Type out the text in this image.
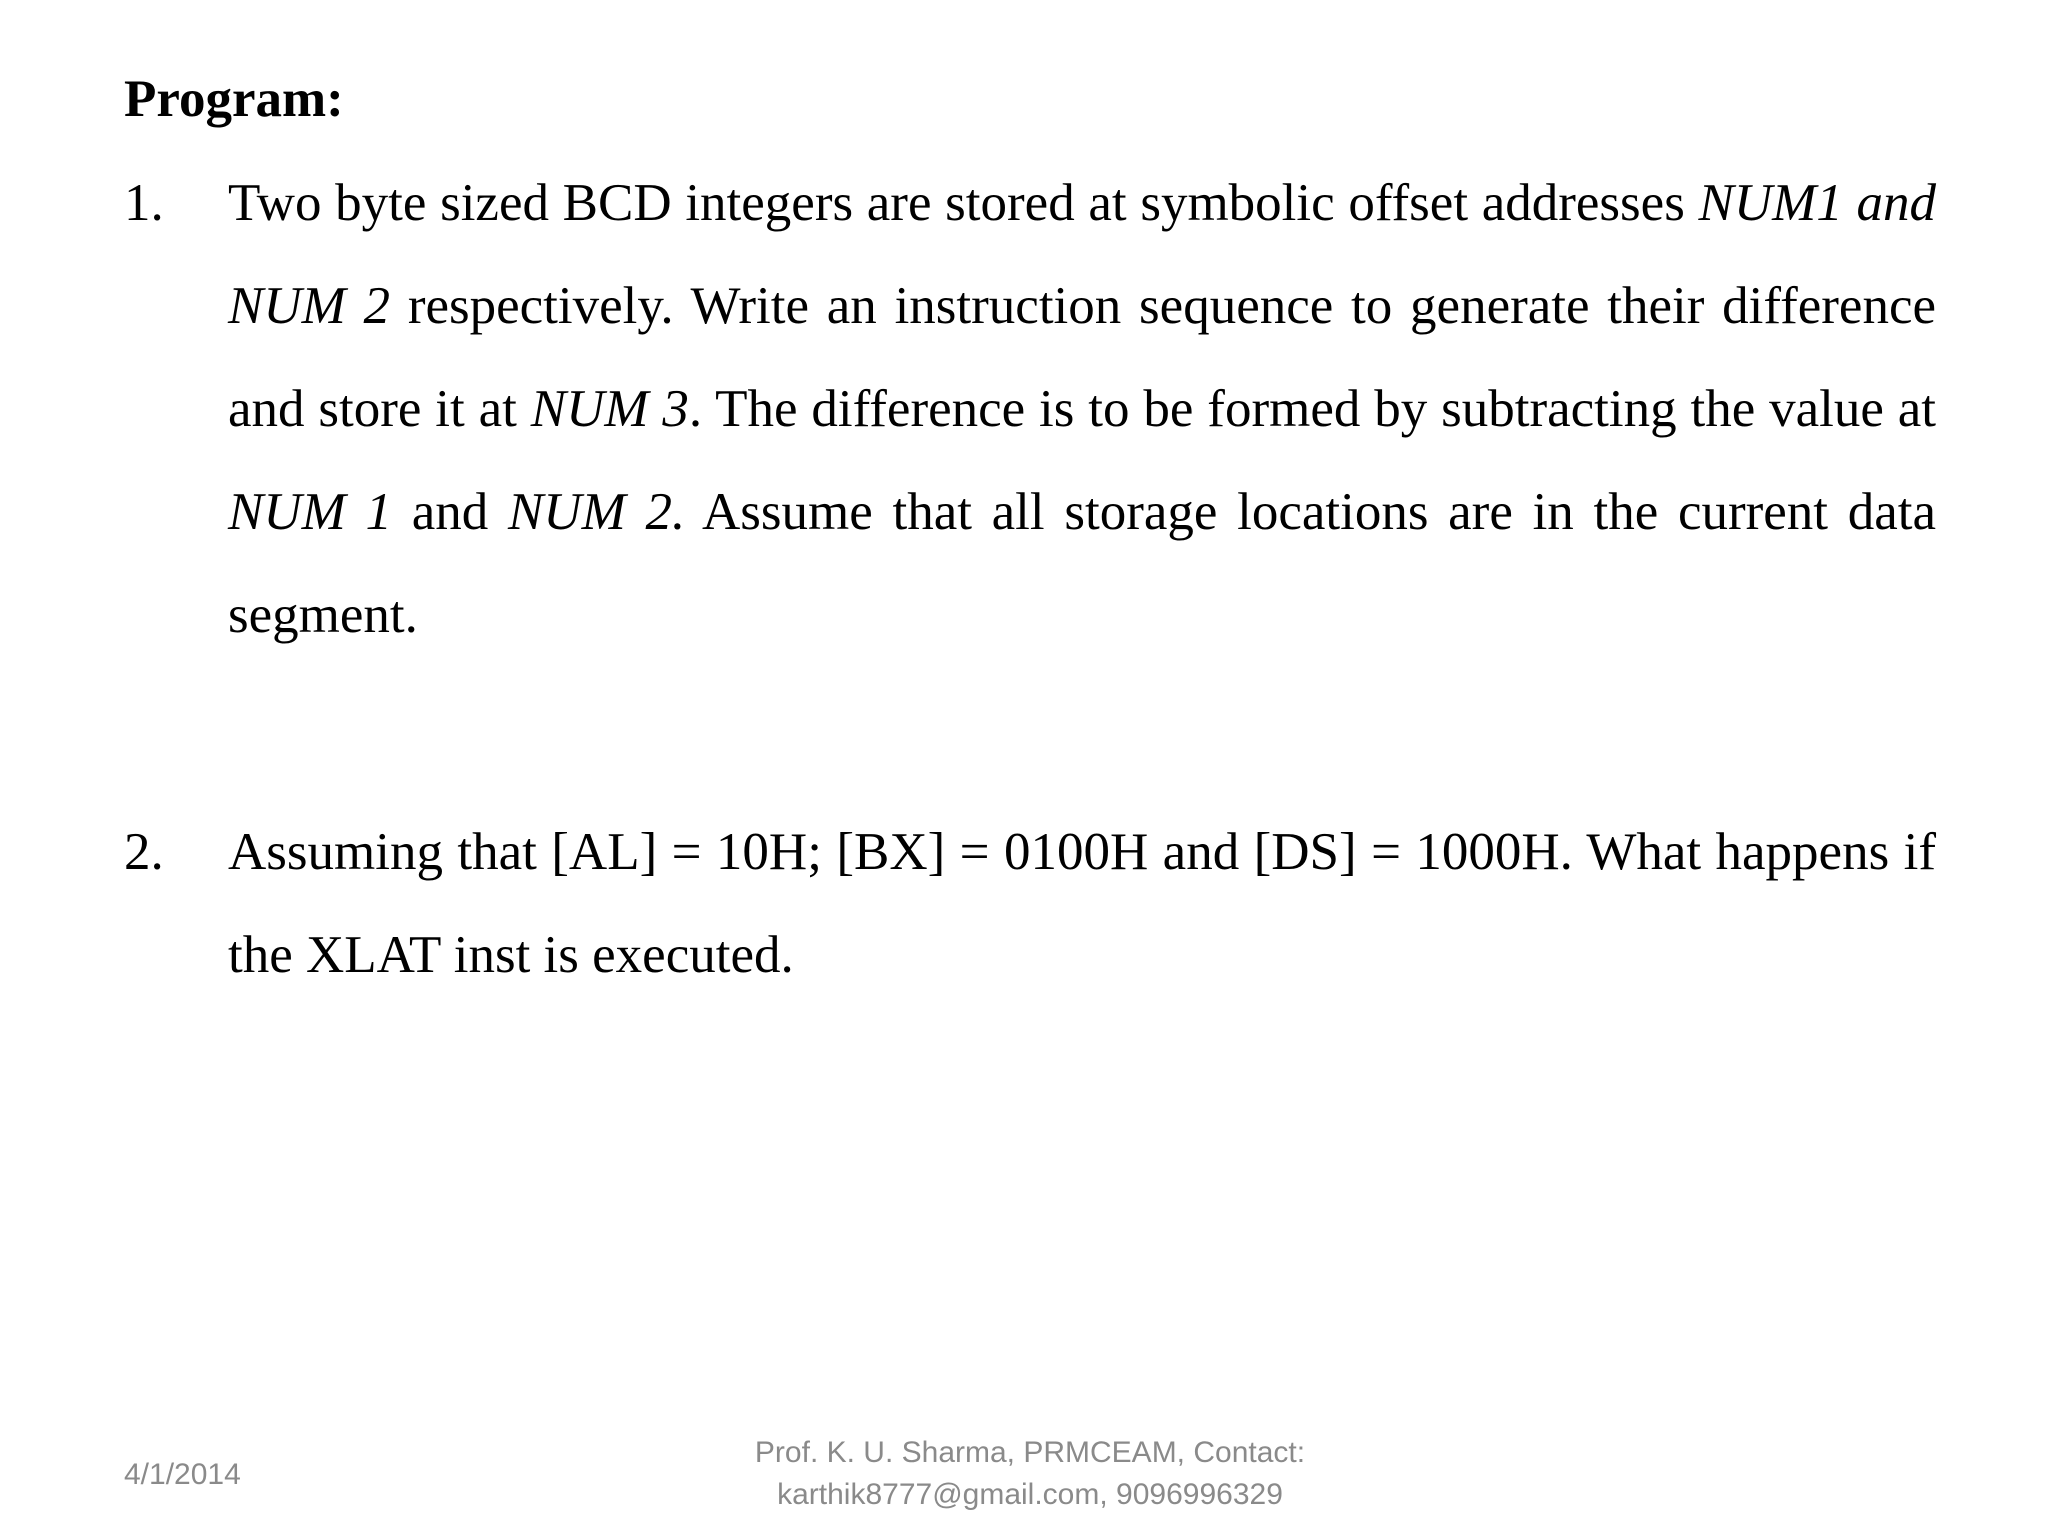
Program:
1.	Two byte sized BCD integers are stored at symbolic offset addresses NUM1 and NUM 2 respectively. Write an instruction sequence to generate their difference and store it at NUM 3. The difference is to be formed by subtracting the value at NUM 1 and NUM 2. Assume that all storage locations are in the current data segment.
2.	Assuming that [AL] = 10H; [BX] = 0100H and [DS] = 1000H. What happens if the XLAT inst is executed.
4/1/2014
Prof. K. U. Sharma, PRMCEAM, Contact:
karthik8777@gmail.com, 9096996329
